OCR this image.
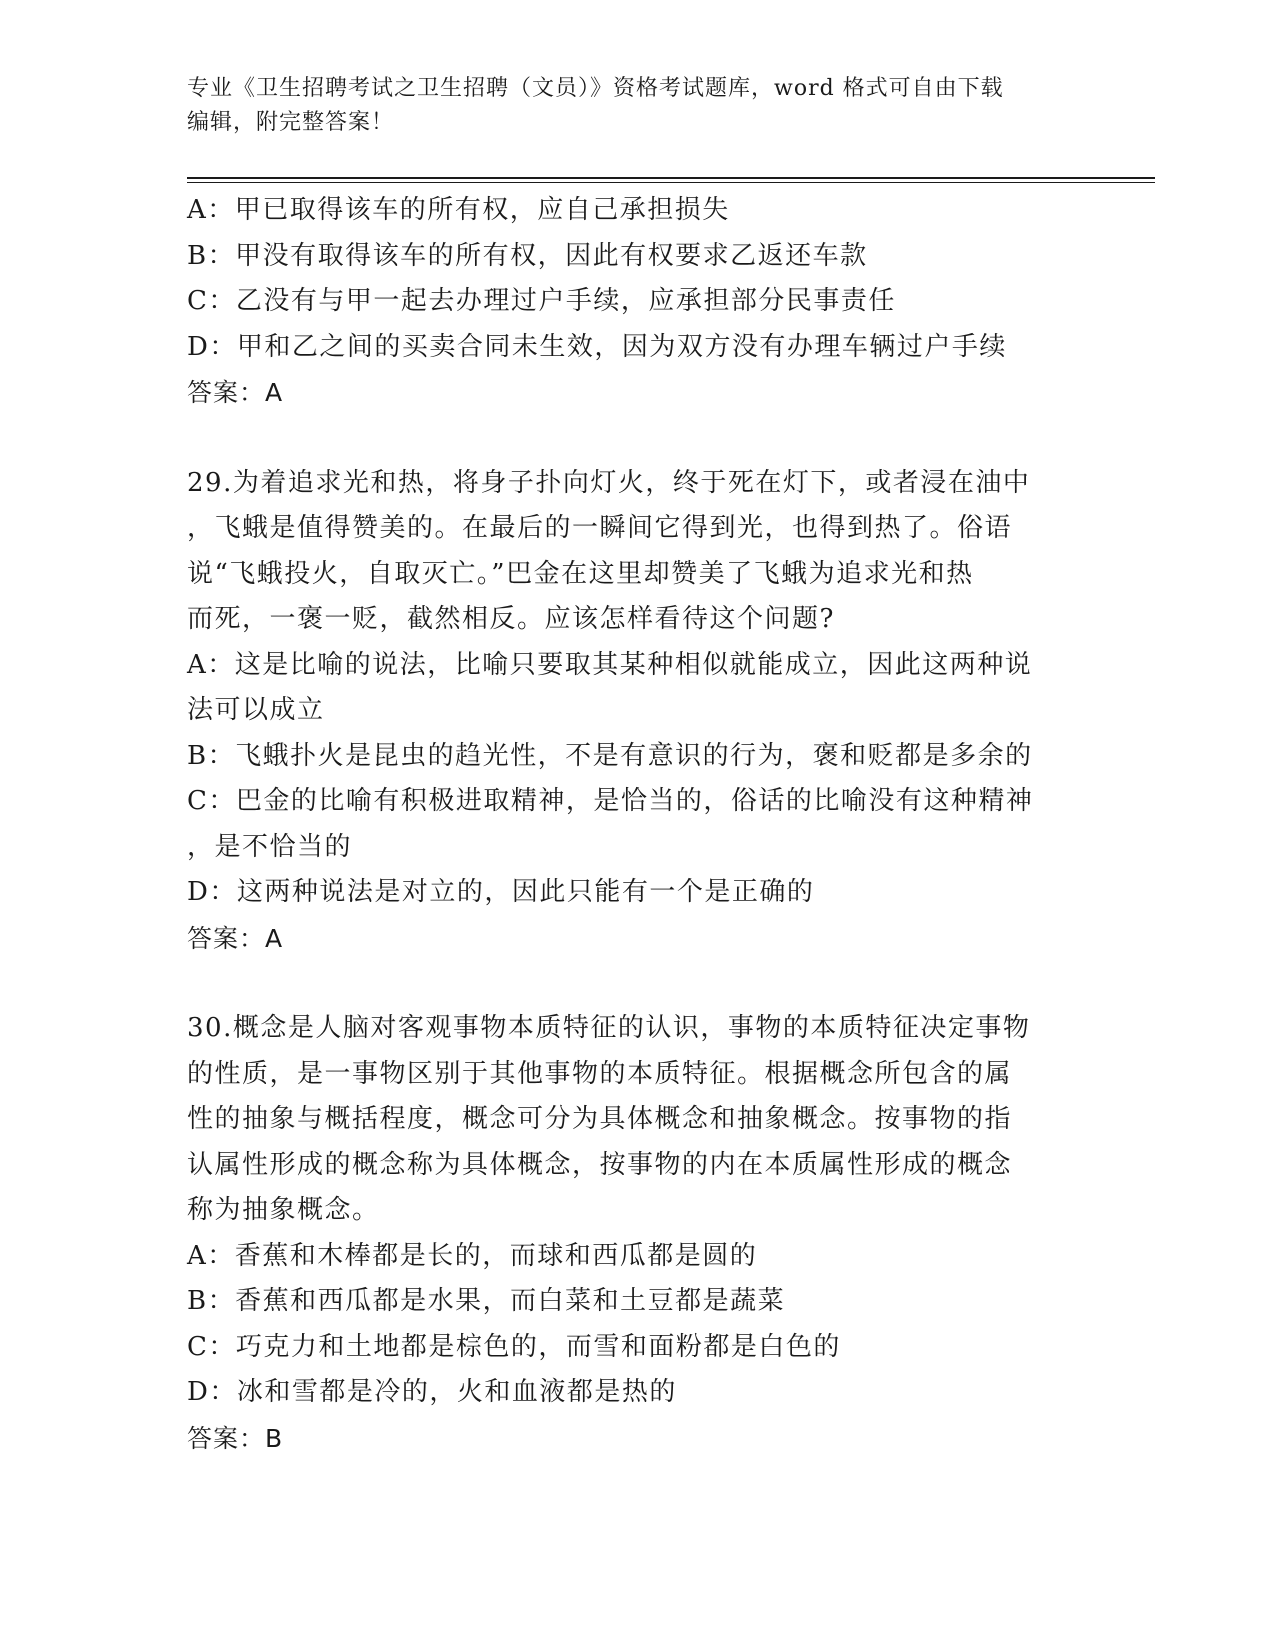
专业《卫生招聘考试之卫生招聘（文员）》资格考试题库，word 格式可自由下载
编辑，附完整答案！
A：甲已取得该车的所有权，应自己承担损失
B：甲没有取得该车的所有权，因此有权要求乙返还车款
C：乙没有与甲一起去办理过户手续，应承担部分民事责任
D：甲和乙之间的买卖合同未生效，因为双方没有办理车辆过户手续
答案：A
29.为着追求光和热，将身子扑向灯火，终于死在灯下，或者浸在油中
，飞蛾是值得赞美的。在最后的一瞬间它得到光，也得到热了。俗语
说“飞蛾投火，自取灭亡。”巴金在这里却赞美了飞蛾为追求光和热
而死，一褒一贬，截然相反。应该怎样看待这个问题?
A：这是比喻的说法，比喻只要取其某种相似就能成立，因此这两种说
法可以成立
B：飞蛾扑火是昆虫的趋光性，不是有意识的行为，褒和贬都是多余的
C：巴金的比喻有积极进取精神，是恰当的，俗话的比喻没有这种精神
，是不恰当的
D：这两种说法是对立的，因此只能有一个是正确的
答案：A
30.概念是人脑对客观事物本质特征的认识，事物的本质特征决定事物
的性质，是一事物区别于其他事物的本质特征。根据概念所包含的属
性的抽象与概括程度，概念可分为具体概念和抽象概念。按事物的指
认属性形成的概念称为具体概念，按事物的内在本质属性形成的概念
称为抽象概念。
A：香蕉和木棒都是长的，而球和西瓜都是圆的
B：香蕉和西瓜都是水果，而白菜和土豆都是蔬菜
C：巧克力和土地都是棕色的，而雪和面粉都是白色的
D：冰和雪都是冷的，火和血液都是热的
答案：B
